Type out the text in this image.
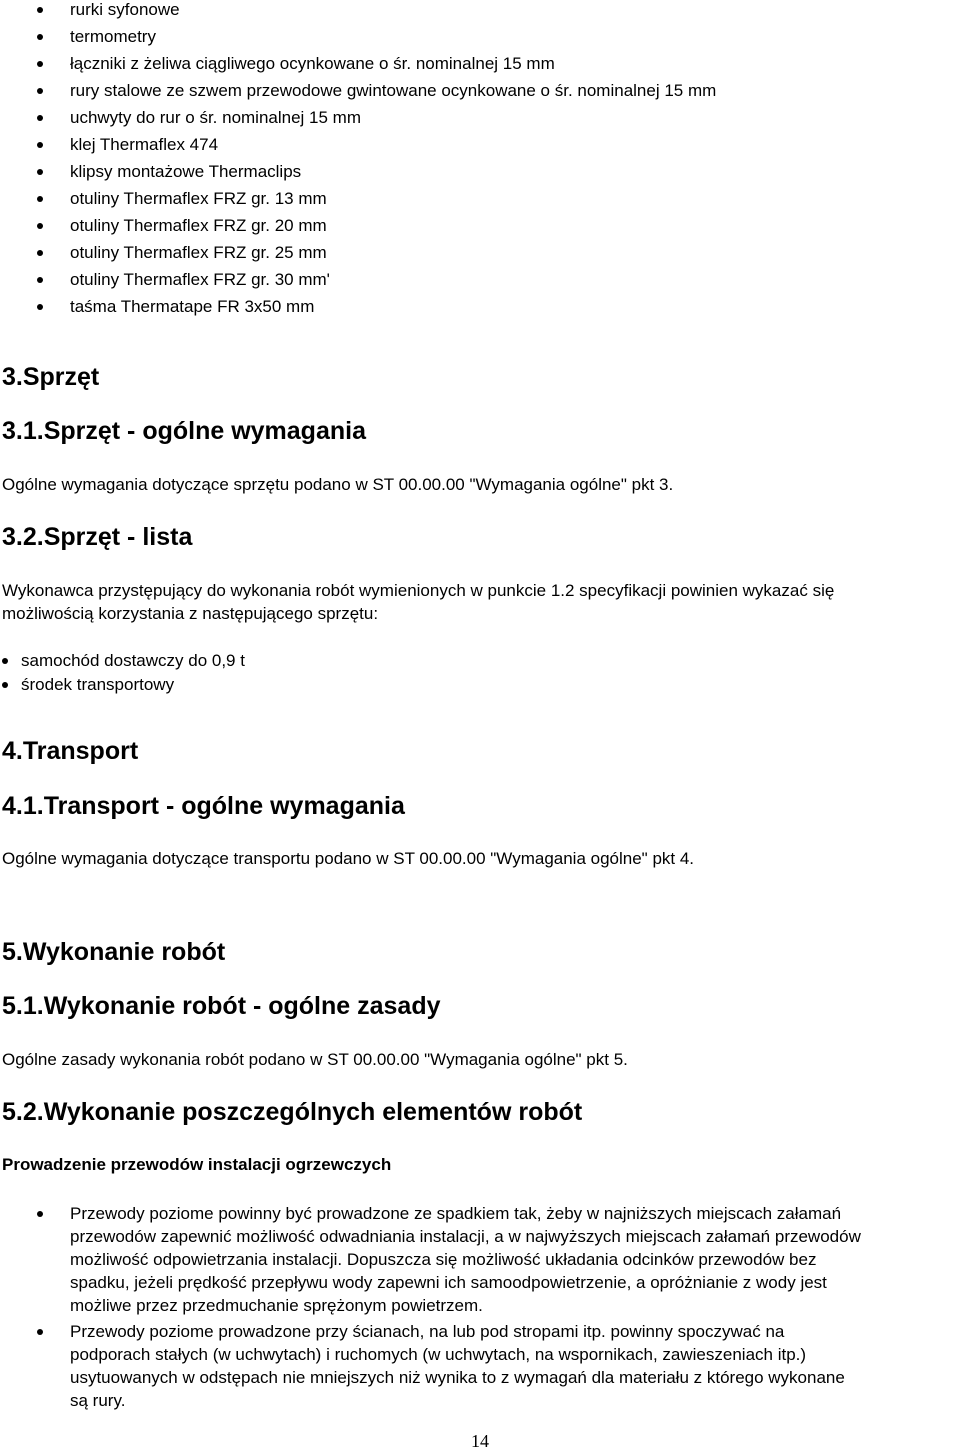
rurki syfonowe
termometry
łączniki z żeliwa ciągliwego ocynkowane o śr. nominalnej 15 mm
rury stalowe ze szwem przewodowe gwintowane ocynkowane o śr. nominalnej 15 mm
uchwyty do rur o śr. nominalnej 15 mm
klej Thermaflex 474
klipsy montażowe Thermaclips
otuliny Thermaflex FRZ gr. 13 mm
otuliny Thermaflex FRZ gr. 20 mm
otuliny Thermaflex FRZ gr. 25 mm
otuliny Thermaflex FRZ gr. 30 mm'
taśma Thermatape FR 3x50 mm
3.Sprzęt
3.1.Sprzęt - ogólne wymagania

Ogólne wymagania dotyczące sprzętu podano w ST 00.00.00 "Wymagania ogólne" pkt 3.

3.2.Sprzęt - lista

Wykonawca przystępujący do wykonania robót wymienionych w punkcie 1.2 specyfikacji powinien wykazać się

możliwością korzystania z następującego sprzętu:

samochód dostawczy do 0,9 t
środek transportowy
4.Transport
4.1.Transport - ogólne wymagania

Ogólne wymagania dotyczące transportu podano w ST 00.00.00 "Wymagania ogólne" pkt 4.

5.Wykonanie robót
5.1.Wykonanie robót - ogólne zasady

Ogólne zasady wykonania robót podano w ST 00.00.00 "Wymagania ogólne" pkt 5.

5.2.Wykonanie poszczególnych elementów robót

Prowadzenie przewodów instalacji ogrzewczych

Przewody poziome powinny być prowadzone ze spadkiem tak, żeby w najniższych miejscach załamań
przewodów zapewnić możliwość odwadniania instalacji, a w najwyższych miejscach załamań przewodów
możliwość odpowietrzania instalacji. Dopuszcza się możliwość układania odcinków przewodów bez
spadku, jeżeli prędkość przepływu wody zapewni ich samoodpowietrzenie, a opróżnianie z wody jest
możliwe przez przedmuchanie sprężonym powietrzem.
Przewody poziome prowadzone przy ścianach, na lub pod stropami itp. powinny spoczywać na
podporach stałych (w uchwytach) i ruchomych (w uchwytach, na wspornikach, zawieszeniach itp.)
usytuowanych w odstępach nie mniejszych niż wynika to z wymagań dla materiału z którego wykonane
są rury.
14
